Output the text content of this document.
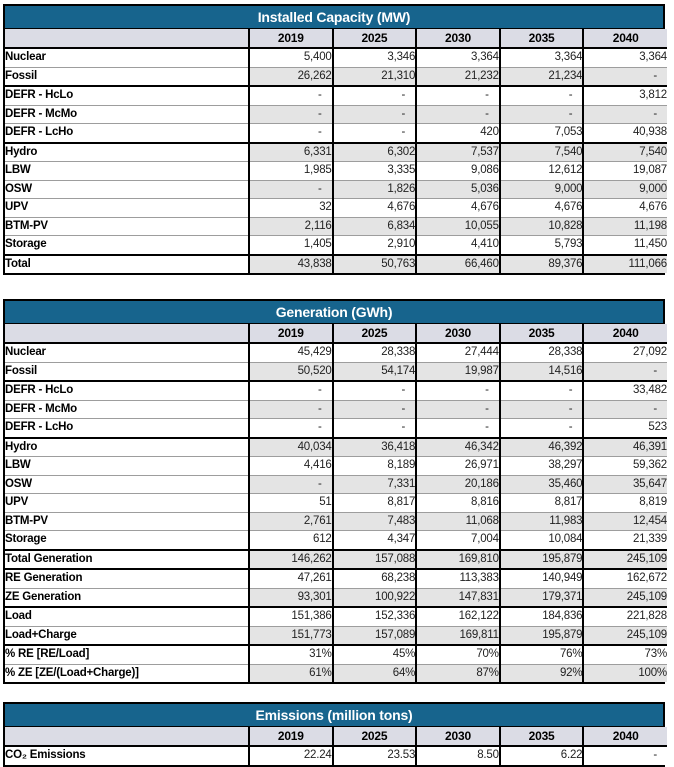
Installed Capacity (MW)
	2019	2025	2030	2035	2040
Nuclear	5,400	3,346	3,364	3,364	3,364
Fossil	26,262	21,310	21,232	21,234	-
DEFR - HcLo	-	-	-	-	3,812
DEFR - McMo	-	-	-	-	-
DEFR - LcHo	-	-	420	7,053	40,938
Hydro	6,331	6,302	7,537	7,540	7,540
LBW	1,985	3,335	9,086	12,612	19,087
OSW	-	1,826	5,036	9,000	9,000
UPV	32	4,676	4,676	4,676	4,676
BTM-PV	2,116	6,834	10,055	10,828	11,198
Storage	1,405	2,910	4,410	5,793	11,450
Total	43,838	50,763	66,460	89,376	111,066
Generation (GWh)
	2019	2025	2030	2035	2040
Nuclear	45,429	28,338	27,444	28,338	27,092
Fossil	50,520	54,174	19,987	14,516	-
DEFR - HcLo	-	-	-	-	33,482
DEFR - McMo	-	-	-	-	-
DEFR - LcHo	-	-	-	-	523
Hydro	40,034	36,418	46,342	46,392	46,391
LBW	4,416	8,189	26,971	38,297	59,362
OSW	-	7,331	20,186	35,460	35,647
UPV	51	8,817	8,816	8,817	8,819
BTM-PV	2,761	7,483	11,068	11,983	12,454
Storage	612	4,347	7,004	10,084	21,339
Total Generation	146,262	157,088	169,810	195,879	245,109
RE Generation	47,261	68,238	113,383	140,949	162,672
ZE Generation	93,301	100,922	147,831	179,371	245,109
Load	151,386	152,336	162,122	184,836	221,828
Load+Charge	151,773	157,089	169,811	195,879	245,109
% RE [RE/Load]	31%	45%	70%	76%	73%
% ZE [ZE/(Load+Charge)]	61%	64%	87%	92%	100%
Emissions (million tons)
	2019	2025	2030	2035	2040
CO₂ Emissions	22.24	23.53	8.50	6.22	-
